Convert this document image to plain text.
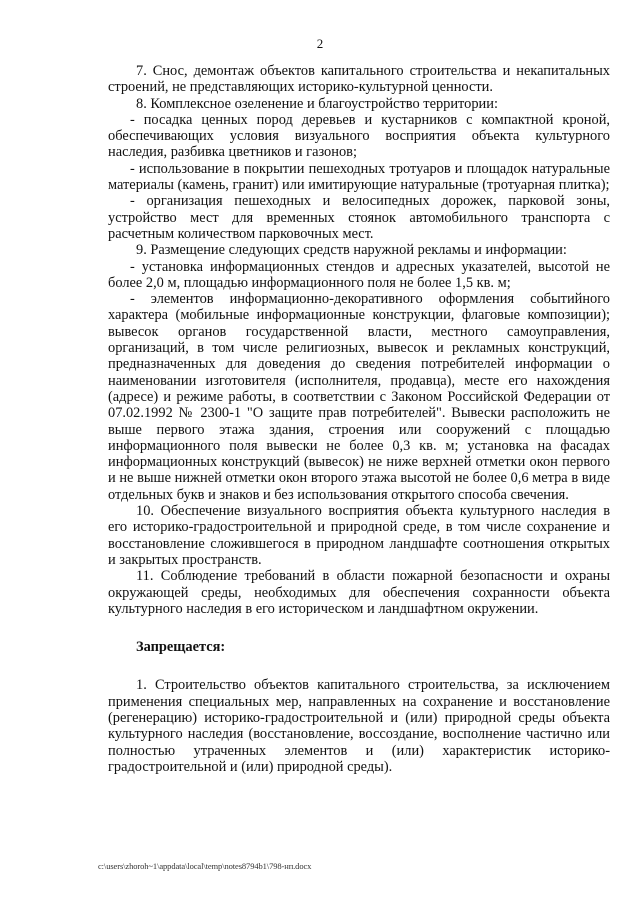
2

7. Снос, демонтаж объектов капитального строительства и некапитальных строений, не представляющих историко-культурной ценности.

8. Комплексное озеленение и благоустройство территории:

- посадка ценных пород деревьев и кустарников с компактной кроной, обеспечивающих условия визуального восприятия объекта культурного наследия, разбивка цветников и газонов;

- использование в покрытии пешеходных тротуаров и площадок натуральные материалы (камень, гранит) или имитирующие натуральные (тротуарная плитка);

- организация пешеходных и велосипедных дорожек, парковой зоны, устройство мест для временных стоянок автомобильного транспорта с расчетным количеством парковочных мест.

9. Размещение следующих средств наружной рекламы и информации:

- установка информационных стендов и адресных указателей, высотой не более 2,0 м, площадью информационного поля не более 1,5 кв. м;

- элементов информационно-декоративного оформления событийного характера (мобильные информационные конструкции, флаговые композиции); вывесок органов государственной власти, местного самоуправления, организаций, в том числе религиозных, вывесок и рекламных конструкций, предназначенных для доведения до сведения потребителей информации о наименовании изготовителя (исполнителя, продавца), месте его нахождения (адресе) и режиме работы, в соответствии с Законом Российской Федерации от 07.02.1992 № 2300-1 "О защите прав потребителей". Вывески расположить не выше первого этажа здания, строения или сооружений с площадью информационного поля вывески не более 0,3 кв. м; установка на фасадах информационных конструкций (вывесок) не ниже верхней отметки окон первого и не выше нижней отметки окон второго этажа высотой не более 0,6 метра в виде отдельных букв и знаков и без использования открытого способа свечения.

10. Обеспечение визуального восприятия объекта культурного наследия в его историко-градостроительной и природной среде, в том числе сохранение и восстановление сложившегося в природном ландшафте соотношения открытых и закрытых пространств.

11. Соблюдение требований в области пожарной безопасности и охраны окружающей среды, необходимых для обеспечения сохранности объекта культурного наследия в его историческом и ландшафтном окружении.

Запрещается:

1. Строительство объектов капитального строительства, за исключением применения специальных мер, направленных на сохранение и восстановление (регенерацию) историко-градостроительной и (или) природной среды объекта культурного наследия (восстановление, воссоздание, восполнение частично или полностью утраченных элементов и (или) характеристик историко-градостроительной и (или) природной среды).

c:\users\zhoroh~1\appdata\local\temp\notes8794b1\798-нп.docx
